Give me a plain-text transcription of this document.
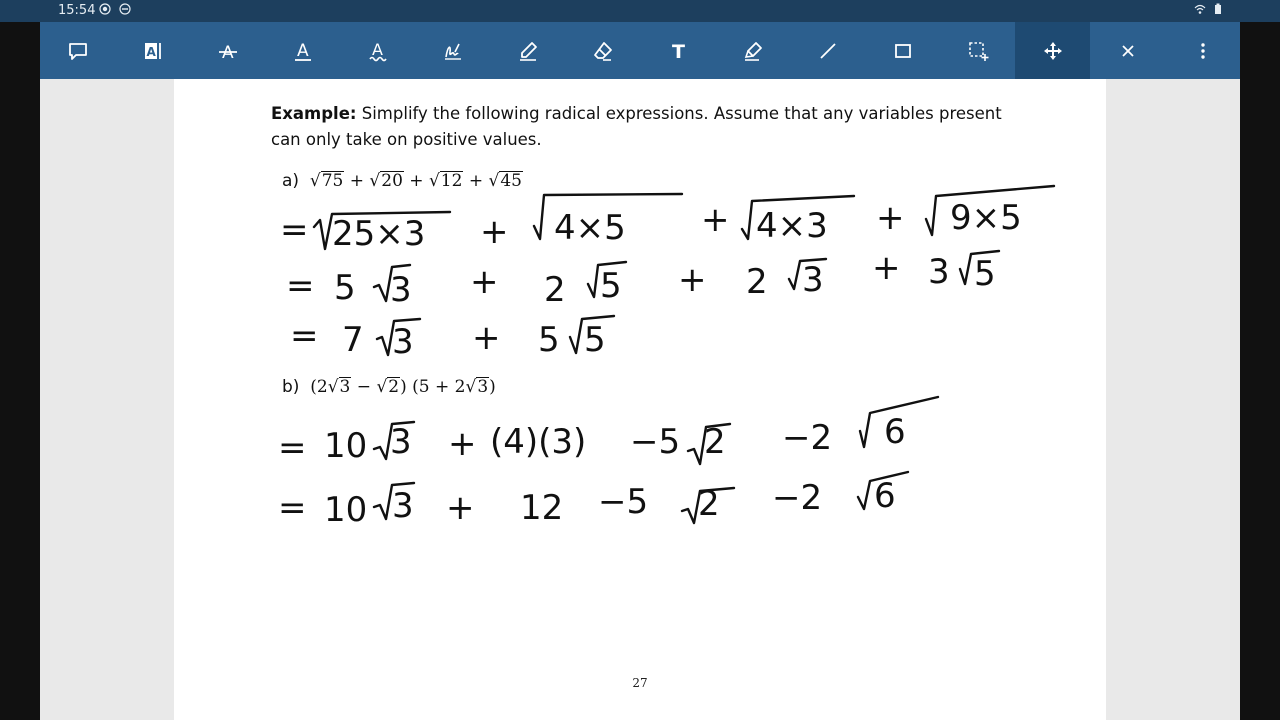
15:54
A	A	A	A	T
Example: Simplify the following radical expressions. Assume that any variables present can only take on positive values.
a)  √75 + √20 + √12 + √45
b) (2√3 − √2) (5 + 2√3)
= 25×3 + 4×5 + 4×3 + 9×5
= 5 3 + 2 5 + 2 3 + 3 5
= 7 3 + 5 5
= 10 3 + (4)(3) −5 2 −2 6
= 10 3 + 12 −5 2 −2 6
27
